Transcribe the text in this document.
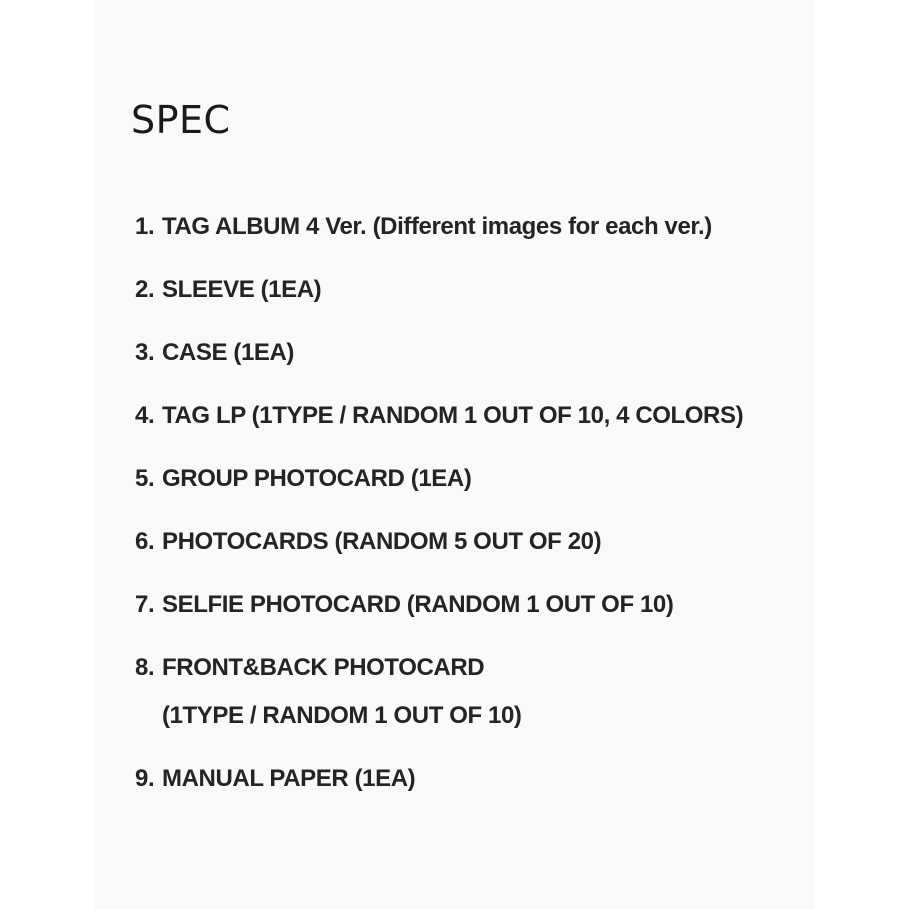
SPEC
1. TAG ALBUM 4 Ver. (Different images for each ver.)
2. SLEEVE (1EA)
3. CASE (1EA)
4. TAG LP (1TYPE / RANDOM 1 OUT OF 10, 4 COLORS)
5. GROUP PHOTOCARD (1EA)
6. PHOTOCARDS (RANDOM 5 OUT OF 20)
7. SELFIE PHOTOCARD (RANDOM 1 OUT OF 10)
8. FRONT&BACK PHOTOCARD
(1TYPE / RANDOM 1 OUT OF 10)
9. MANUAL PAPER (1EA)
